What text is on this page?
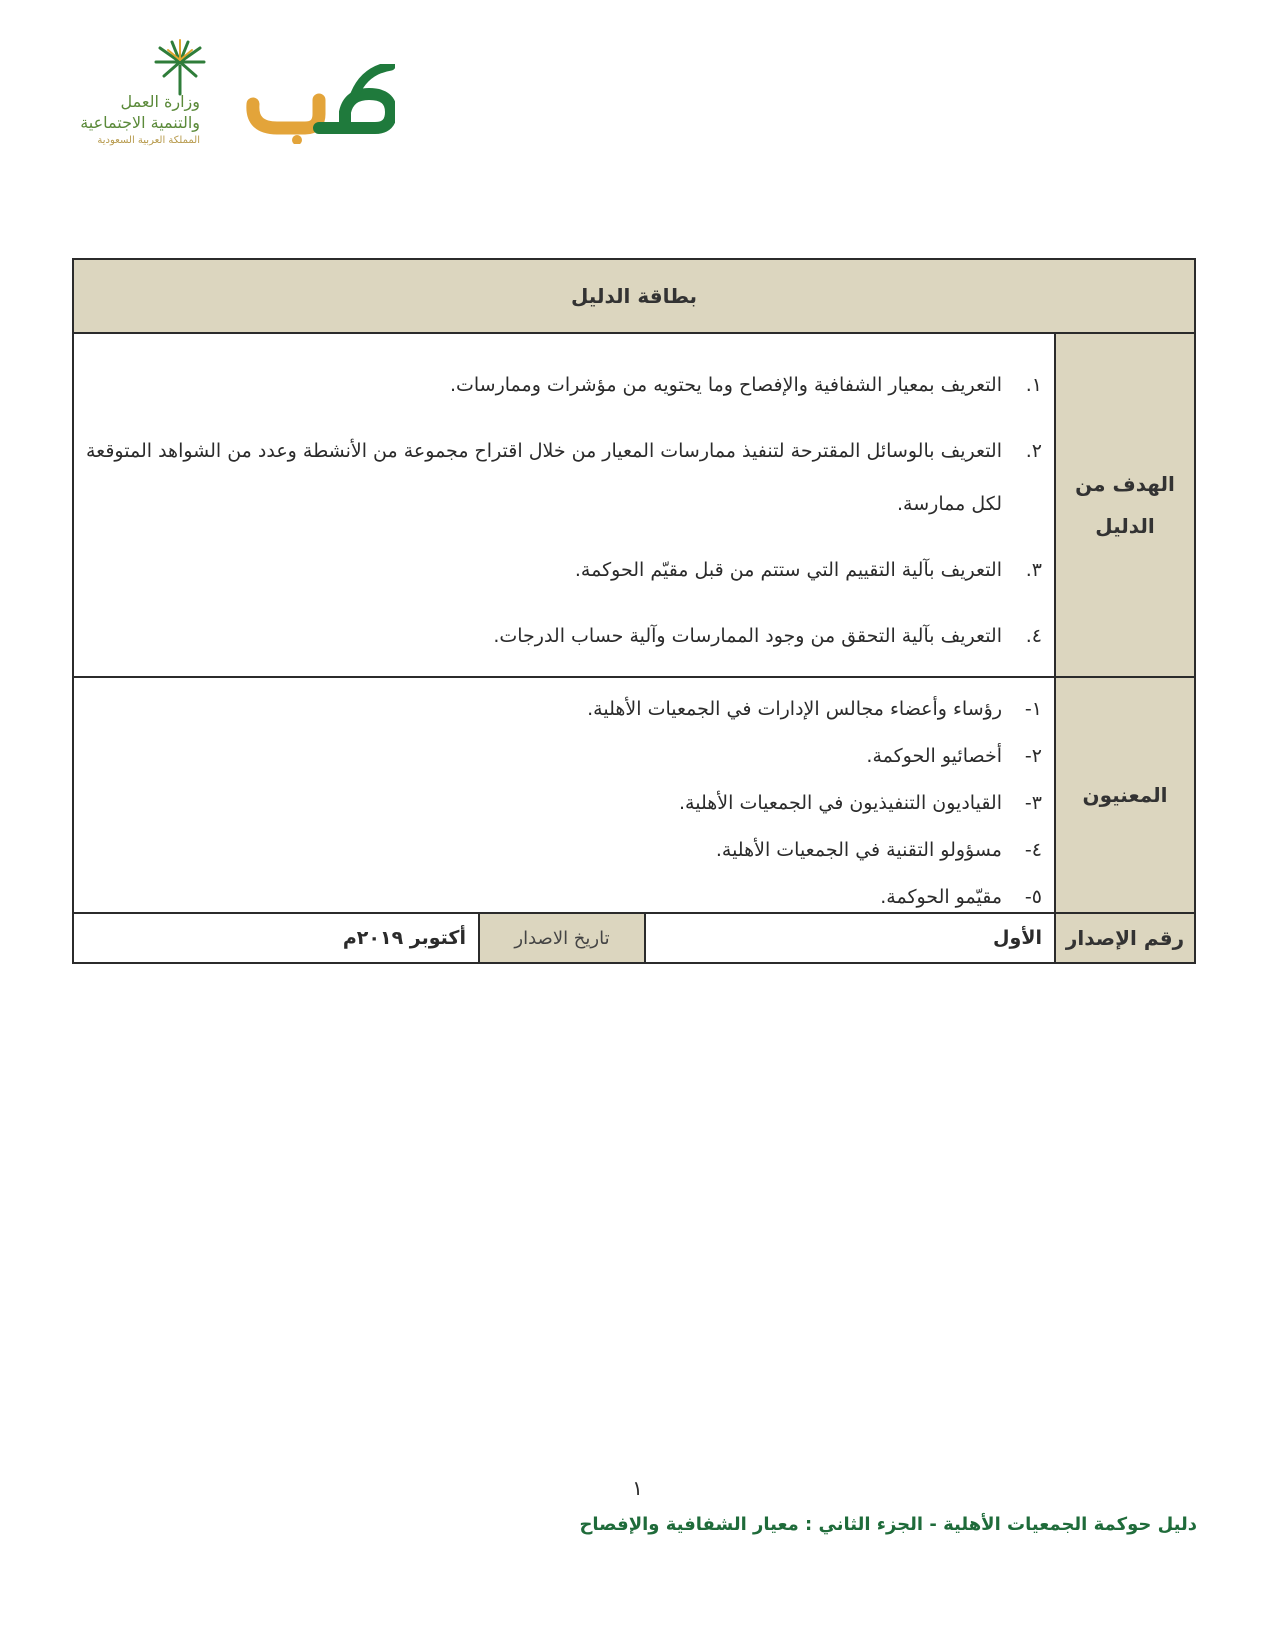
وزارة العمل
والتنمية الاجتماعية
المملكة العربية السعودية
بطاقة الدليل
الهدف من الدليل
١.
التعريف بمعيار الشفافية والإفصاح وما يحتويه من مؤشرات وممارسات.
٢.
التعريف بالوسائل المقترحة لتنفيذ ممارسات المعيار من خلال اقتراح مجموعة من الأنشطة وعدد من الشواهد المتوقعة لكل ممارسة.
٣.
التعريف بآلية التقييم التي ستتم من قبل مقيّم الحوكمة.
٤.
التعريف بآلية التحقق من وجود الممارسات وآلية حساب الدرجات.
المعنيون
١-
رؤساء وأعضاء مجالس الإدارات في الجمعيات الأهلية.
٢-
أخصائيو الحوكمة.
٣-
القياديون التنفيذيون في الجمعيات الأهلية.
٤-
مسؤولو التقنية في الجمعيات الأهلية.
٥-
مقيّمو الحوكمة.
رقم الإصدار
الأول
تاريخ الاصدار
أكتوبر ٢٠١٩م
١
دليل حوكمة الجمعيات الأهلية - الجزء الثاني : معيار الشفافية والإفصاح
